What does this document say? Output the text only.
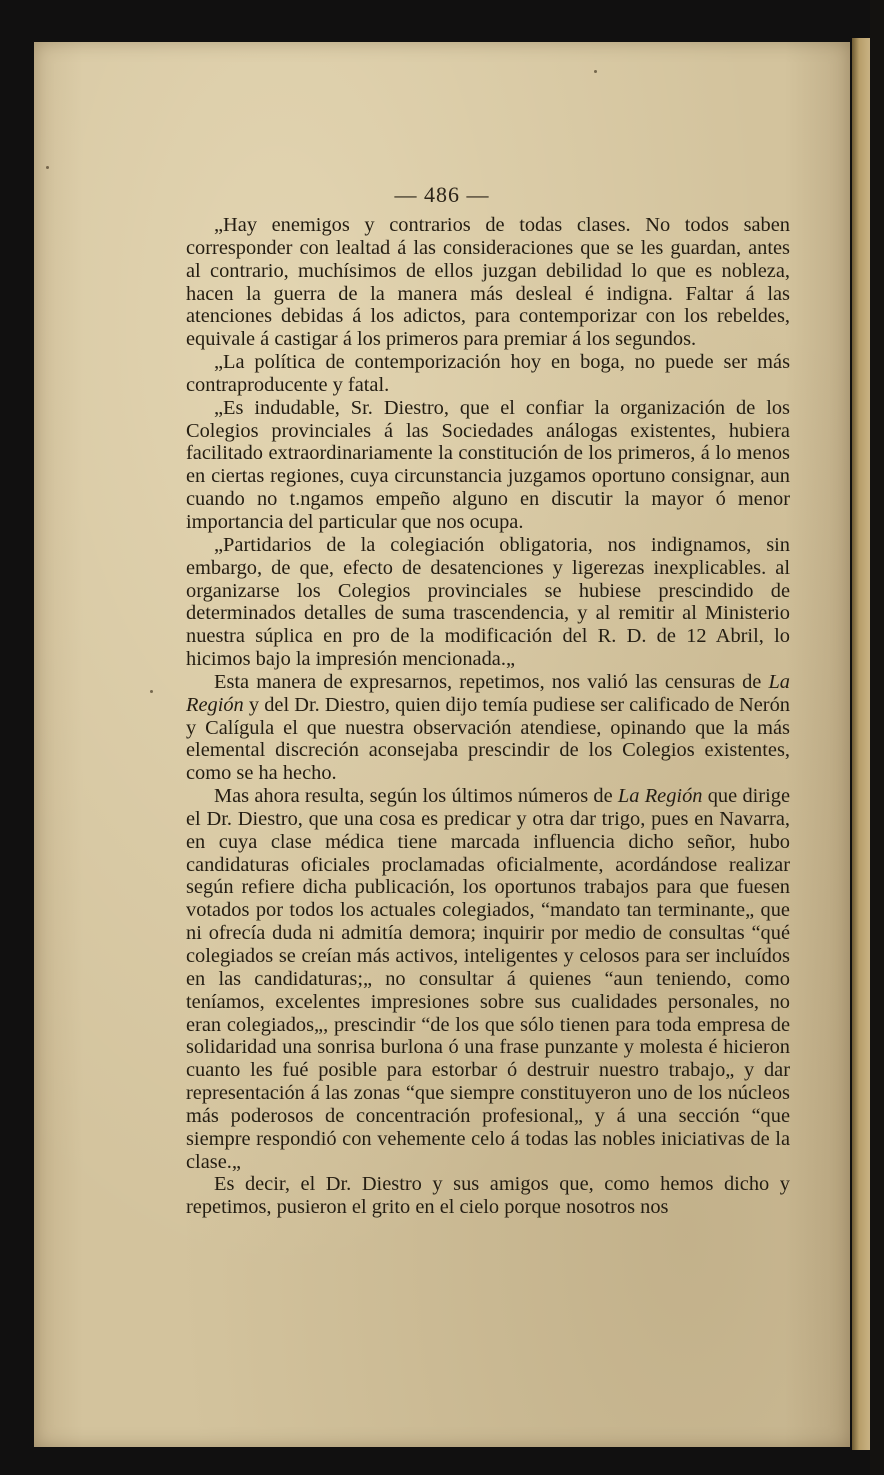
— 486 —

„Hay enemigos y contrarios de todas clases. No todos saben corresponder con lealtad á las consideraciones que se les guardan, antes al contrario, muchísimos de ellos juzgan debilidad lo que es nobleza, hacen la guerra de la manera más desleal é indigna. Faltar á las atenciones debidas á los adictos, para contemporizar con los rebeldes, equivale á castigar á los primeros para premiar á los segundos.

„La política de contemporización hoy en boga, no puede ser más contraproducente y fatal.

„Es indudable, Sr. Diestro, que el confiar la organización de los Colegios provinciales á las Sociedades análogas existentes, hubiera facilitado extraordinariamente la constitución de los primeros, á lo menos en ciertas regiones, cuya circunstancia juzgamos oportuno consignar, aun cuando no t.ngamos empeño alguno en discutir la mayor ó menor importancia del particular que nos ocupa.

„Partidarios de la colegiación obligatoria, nos indignamos, sin embargo, de que, efecto de desatenciones y ligerezas inexplicables. al organizarse los Colegios provinciales se hubiese prescindido de determinados detalles de suma trascendencia, y al remitir al Ministerio nuestra súplica en pro de la modificación del R. D. de 12 Abril, lo hicimos bajo la impresión mencionada.„

Esta manera de expresarnos, repetimos, nos valió las censuras de La Región y del Dr. Diestro, quien dijo temía pudiese ser calificado de Nerón y Calígula el que nuestra observación atendiese, opinando que la más elemental discreción aconsejaba prescindir de los Colegios existentes, como se ha hecho.

Mas ahora resulta, según los últimos números de La Región que dirige el Dr. Diestro, que una cosa es predicar y otra dar trigo, pues en Navarra, en cuya clase médica tiene marcada influencia dicho señor, hubo candidaturas oficiales proclamadas oficialmente, acordándose realizar según refiere dicha publicación, los oportunos trabajos para que fuesen votados por todos los actuales colegiados, “mandato tan terminante„ que ni ofrecía duda ni admitía demora; inquirir por medio de consultas “qué colegiados se creían más activos, inteligentes y celosos para ser incluídos en las candidaturas;„ no consultar á quienes “aun teniendo, como teníamos, excelentes impresiones sobre sus cualidades personales, no eran colegiados„, prescindir “de los que sólo tienen para toda empresa de solidaridad una sonrisa burlona ó una frase punzante y molesta é hicieron cuanto les fué posible para estorbar ó destruir nuestro trabajo„ y dar representación á las zonas “que siempre constituyeron uno de los núcleos más poderosos de concentración profesional„ y á una sección “que siempre respondió con vehemente celo á todas las nobles iniciativas de la clase.„

Es decir, el Dr. Diestro y sus amigos que, como hemos dicho y repetimos, pusieron el grito en el cielo porque nosotros nos
